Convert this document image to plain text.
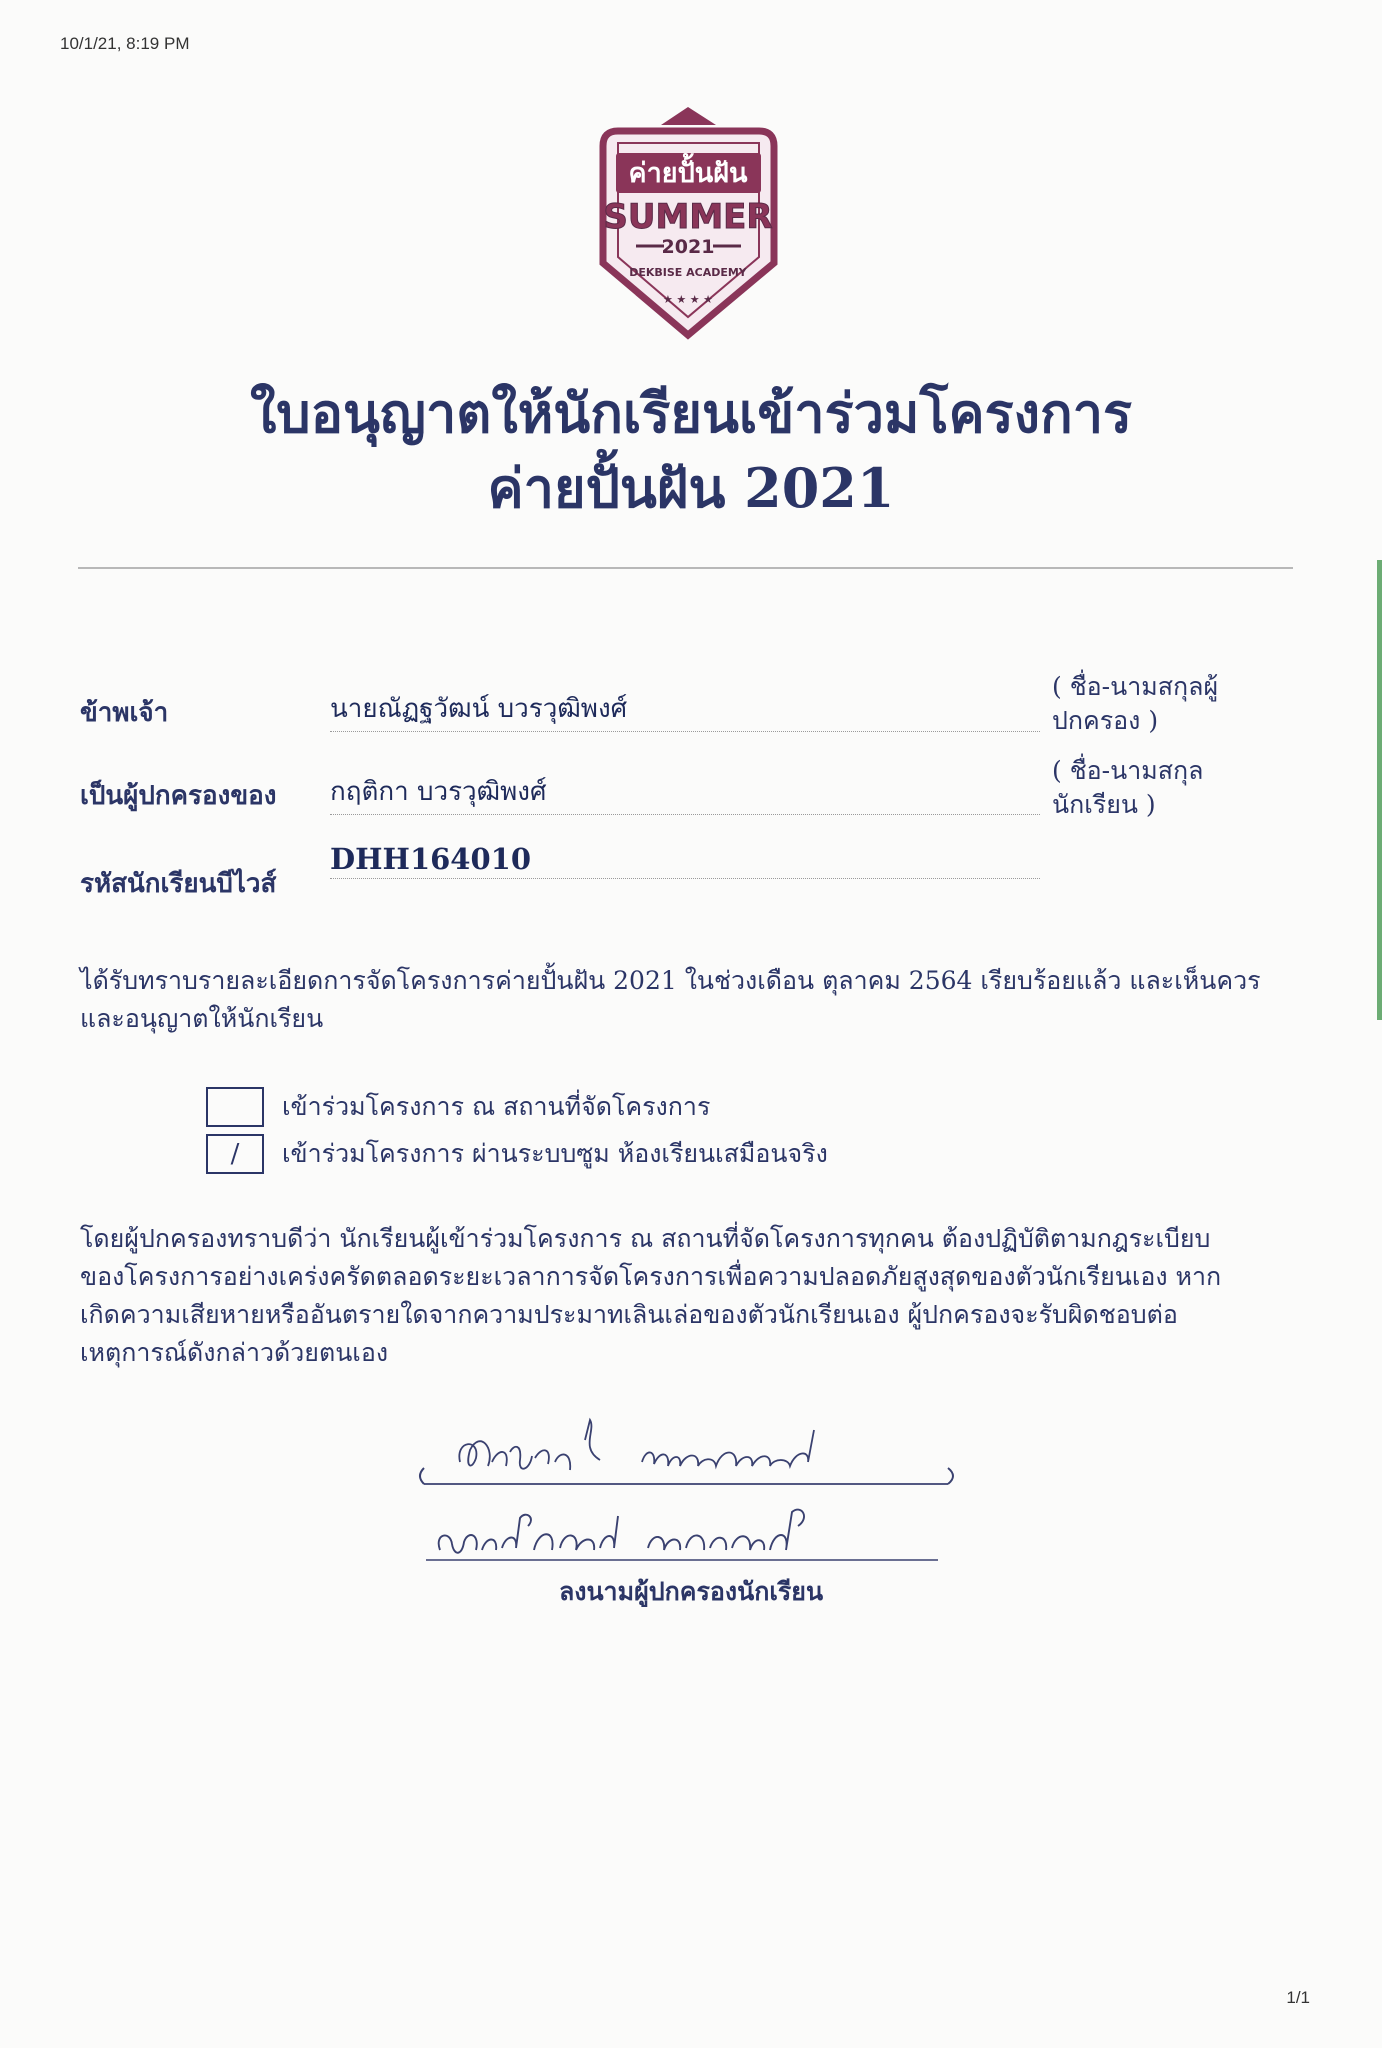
10/1/21, 8:19 PM
ค่ายปั้นฝัน
SUMMER
2021
DEKBISE ACADEMY
★ ★ ★ ★
ใบอนุญาตให้นักเรียนเข้าร่วมโครงการ
ค่ายปั้นฝัน 2021
ข้าพเจ้า	นายณัฏฐวัฒน์ บวรวุฒิพงศ์
( ชื่อ-นามสกุลผู้
ปกครอง )
เป็นผู้ปกครองของ กฤติกา บวรวุฒิพงศ์
( ชื่อ-นามสกุล
นักเรียน )
รหัสนักเรียนบีไวส์
DHH164010
ได้รับทราบรายละเอียดการจัดโครงการค่ายปั้นฝัน 2021 ในช่วงเดือน ตุลาคม 2564 เรียบร้อยแล้ว และเห็นควร
และอนุญาตให้นักเรียน
เข้าร่วมโครงการ ณ สถานที่จัดโครงการ
/	เข้าร่วมโครงการ ผ่านระบบซูม ห้องเรียนเสมือนจริง
โดยผู้ปกครองทราบดีว่า นักเรียนผู้เข้าร่วมโครงการ ณ สถานที่จัดโครงการทุกคน ต้องปฏิบัติตามกฎระเบียบ
ของโครงการอย่างเคร่งครัดตลอดระยะเวลาการจัดโครงการเพื่อความปลอดภัยสูงสุดของตัวนักเรียนเอง หาก
เกิดความเสียหายหรืออันตรายใดจากความประมาทเลินเล่อของตัวนักเรียนเอง ผู้ปกครองจะรับผิดชอบต่อ
เหตุการณ์ดังกล่าวด้วยตนเอง
ลงนามผู้ปกครองนักเรียน
1/1
